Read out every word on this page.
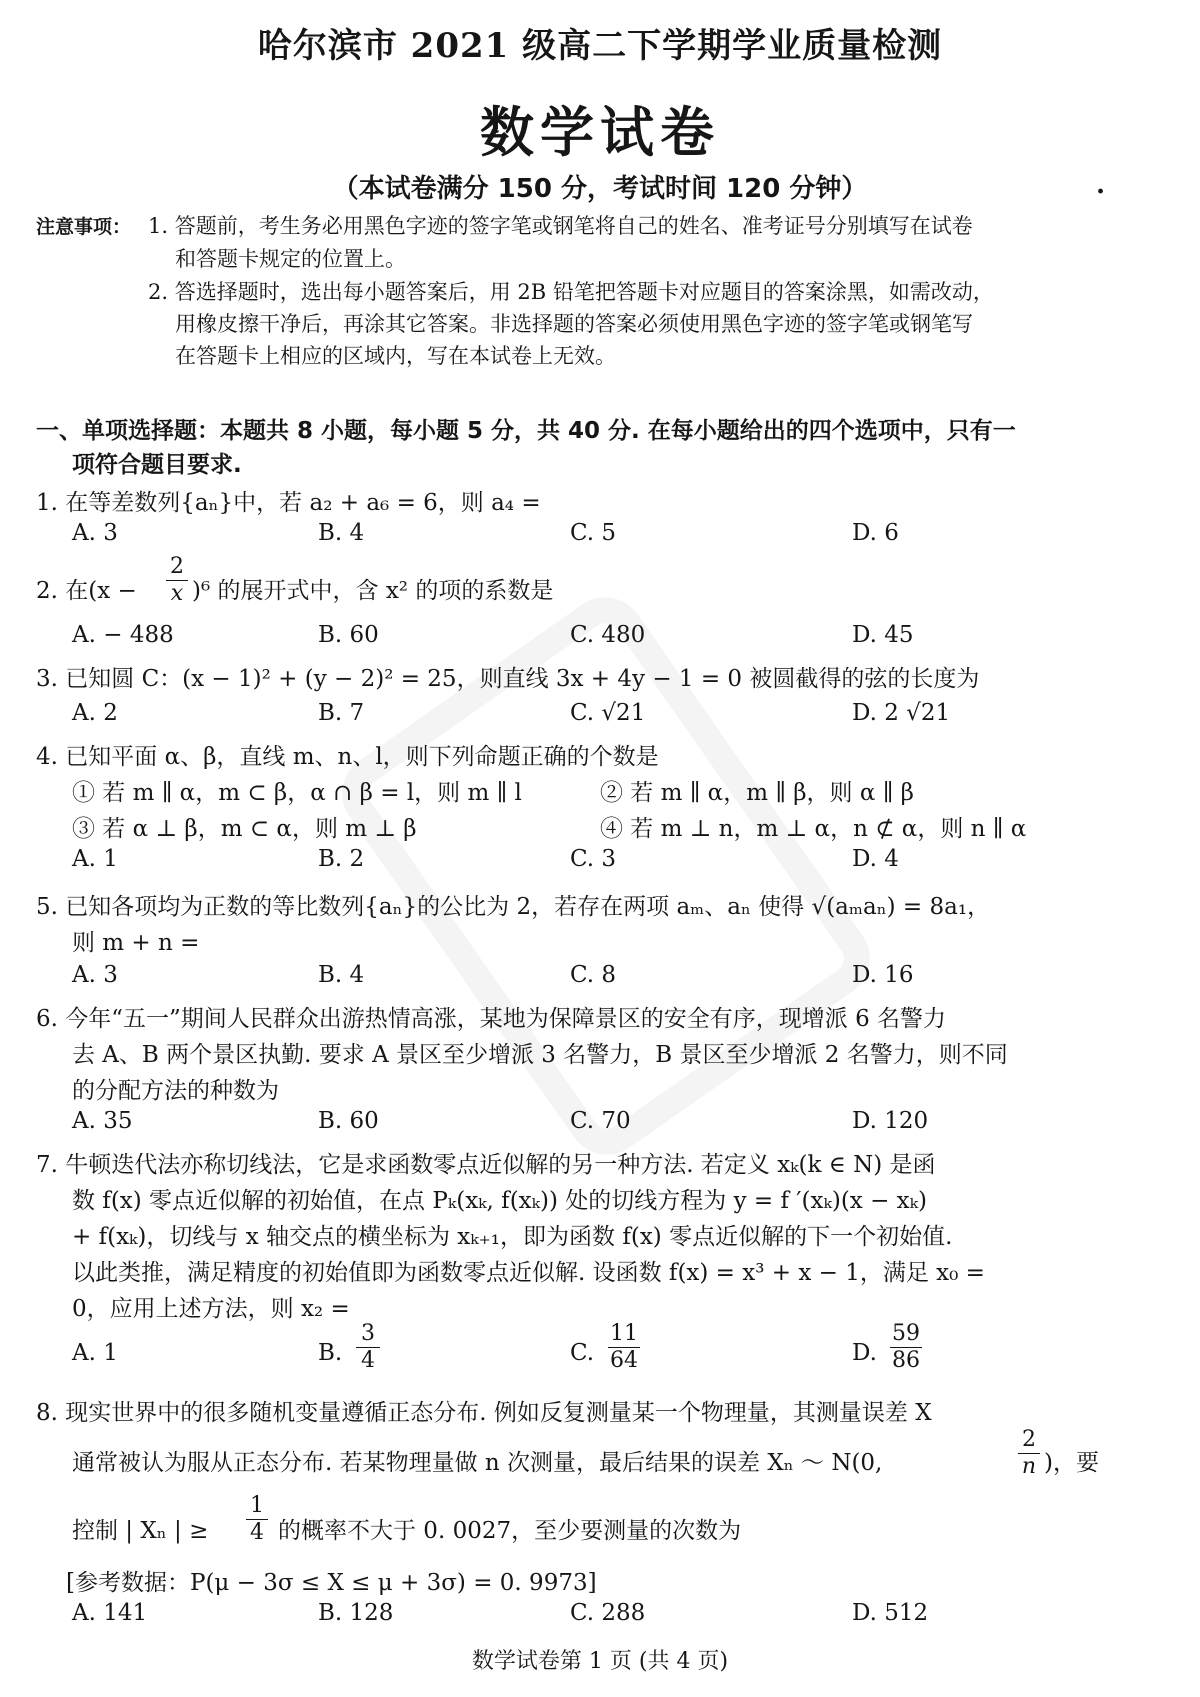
哈尔滨市 2021 级高二下学期学业质量检测
数学试卷
（本试卷满分 150 分，考试时间 120 分钟）	.
注意事项： 1. 答题前，考生务必用黑色字迹的签字笔或钢笔将自己的姓名、准考证号分别填写在试卷
和答题卡规定的位置上。
2. 答选择题时，选出每小题答案后，用 2B 铅笔把答题卡对应题目的答案涂黑，如需改动，
用橡皮擦干净后，再涂其它答案。非选择题的答案必须使用黑色字迹的签字笔或钢笔写
在答题卡上相应的区域内，写在本试卷上无效。
一、单项选择题：本题共 8 小题，每小题 5 分，共 40 分. 在每小题给出的四个选项中，只有一
项符合题目要求.
1. 在等差数列{aₙ}中，若 a₂ + a₆ = 6，则 a₄ =
A. 3	B. 4	C. 5	D. 6
2. 在(x −
2
x )⁶ 的展开式中，含 x² 的项的系数是
A. − 488	B. 60	C. 480	D. 45
3. 已知圆 C：(x − 1)² + (y − 2)² = 25，则直线 3x + 4y − 1 = 0 被圆截得的弦的长度为
A. 2	B. 7	C. √21	D. 2 √21
4. 已知平面 α、β，直线 m、n、l，则下列命题正确的个数是
① 若 m ∥ α，m ⊂ β，α ∩ β = l，则 m ∥ l	② 若 m ∥ α，m ∥ β，则 α ∥ β
③ 若 α ⊥ β，m ⊂ α，则 m ⊥ β	④ 若 m ⊥ n，m ⊥ α，n ⊄ α，则 n ∥ α
A. 1	B. 2	C. 3	D. 4
5. 已知各项均为正数的等比数列{aₙ}的公比为 2，若存在两项 aₘ、aₙ 使得 √(aₘaₙ) = 8a₁，
则 m + n =
A. 3	B. 4	C. 8	D. 16
6. 今年“五一”期间人民群众出游热情高涨，某地为保障景区的安全有序，现增派 6 名警力
去 A、B 两个景区执勤. 要求 A 景区至少增派 3 名警力，B 景区至少增派 2 名警力，则不同
的分配方法的种数为
A. 35	B. 60	C. 70	D. 120
7. 牛顿迭代法亦称切线法，它是求函数零点近似解的另一种方法. 若定义 xₖ(k ∈ N) 是函
数 f(x) 零点近似解的初始值，在点 Pₖ(xₖ, f(xₖ)) 处的切线方程为 y = f ′(xₖ)(x − xₖ)
+ f(xₖ)，切线与 x 轴交点的横坐标为 xₖ₊₁，即为函数 f(x) 零点近似解的下一个初始值.
以此类推，满足精度的初始值即为函数零点近似解. 设函数 f(x) = x³ + x − 1，满足 x₀ =
0，应用上述方法，则 x₂ =
A. 1	B.
3
4	C.
11
64	D.
59
86
8. 现实世界中的很多随机变量遵循正态分布. 例如反复测量某一个物理量，其测量误差 X
通常被认为服从正态分布. 若某物理量做 n 次测量，最后结果的误差 Xₙ ～ N(0,
2
n )，要
控制 | Xₙ | ≥
1
4 的概率不大于 0. 0027，至少要测量的次数为
[参考数据：P(μ − 3σ ≤ X ≤ μ + 3σ) = 0. 9973]
A. 141	B. 128	C. 288	D. 512
数学试卷第 1 页 (共 4 页)
